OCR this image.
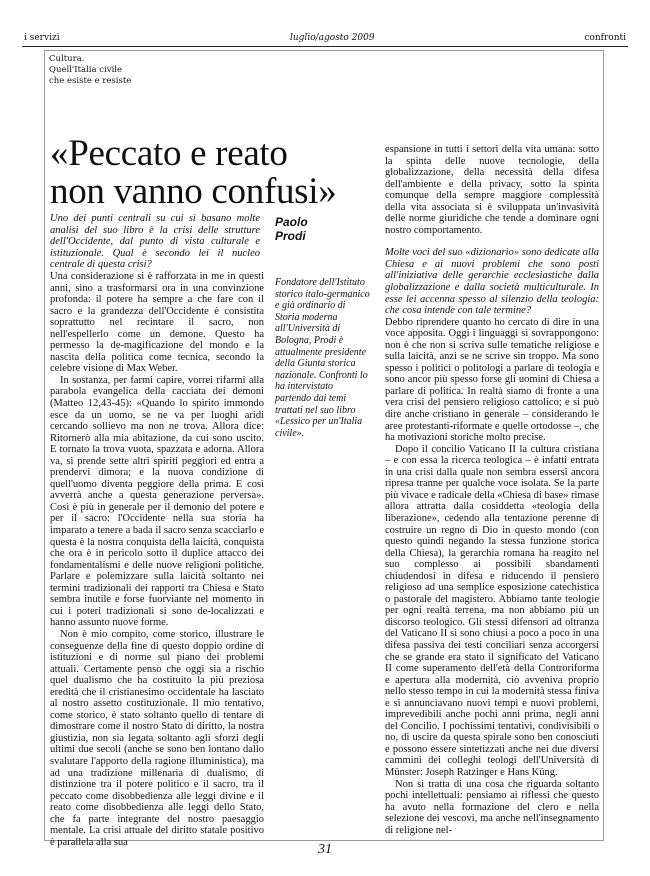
i servizi	luglio/agosto 2009	confronti
Cultura.
Quell'Italia civile
che esiste e resiste
«Peccato e reato
non vanno confusi»

Uno dei punti centrali su cui si basano molte analisi del suo libro è la crisi delle strutture dell'Occidente, dal punto di vista culturale e istituzionale. Qual è secondo lei il nucleo centrale di questa crisi?

Paolo
Prodi
Fondatore dell'Istituto storico italo-germanico e già ordinario di Storia moderna all'Università di Bologna, Prodi è attualmente presidente della Giunta storica nazionale. Confronti lo ha intervistato partendo dai temi trattati nel suo libro «Lessico per un'Italia civile».

Una considerazione si è rafforzata in me in questi anni, sino a trasformarsi ora in una convinzione profonda: il potere ha sempre a che fare con il sacro e la grandezza dell'Occidente è consistita soprattutto nel recintare il sacro, non nell'espellerlo come un demone. Questo ha permesso la de-magificazione del mondo e la nascita della politica come tecnica, secondo la celebre visione di Max Weber.

In sostanza, per farmi capire, vorrei rifarmi alla parabola evangelica della cacciata dei demoni (Matteo 12,43-45): «Quando lo spirito immondo esce da un uomo, se ne va per luoghi aridi cercando sollievo ma non ne trova. Allora dice: Ritornerò alla mia abitazione, da cui sono uscito. E tornato la trova vuota, spazzata e adorna. Allora va, si prende sette altri spiriti peggiori ed entra a prendervi dimora; e la nuova condizione di quell'uomo diventa peggiore della prima. E così avverrà anche a questa generazione perversa». Così è più in generale per il demonio del potere e per il sacro: l'Occidente nella sua storia ha imparato a tenere a bada il sacro senza scacciarlo e questa è la nostra conquista della laicità, conquista che ora è in pericolo sotto il duplice attacco dei fondamentalismi e delle nuove religioni politiche. Parlare e polemizzare sulla laicità soltanto nei termini tradizionali dei rapporti tra Chiesa e Stato sembra inutile e forse fuorviante nel momento in cui i poteri tradizionali si sono de-localizzati e hanno assunto nuove forme.

Non è mio compito, come storico, illustrare le conseguenze della fine di questo doppio ordine di istituzioni e di norme sul piano dei problemi attuali. Certamente penso che oggi sia a rischio quel dualismo che ha costituito la più preziosa eredità che il cristianesimo occidentale ha lasciato al nostro assetto costituzionale. Il mio tentativo, come storico, è stato soltanto quello di tentare di dimostrare come il nostro Stato di diritto, la nostra giustizia, non sia legata soltanto agli sforzi degli ultimi due secoli (anche se sono ben lontano dallo svalutare l'apporto della ragione illuministica), ma ad una tradizione millenaria di dualismo, di distinzione tra il potere politico e il sacro, tra il peccato come disobbedienza alle leggi divine e il reato come disobbedienza alle leggi dello Stato, che fa parte integrante del nostro paesaggio mentale. La crisi attuale del diritto statale positivo è parallela alla sua

espansione in tutti i settori della vita umana: sotto la spinta delle nuove tecnologie, della globalizzazione, della necessità della difesa dell'ambiente e della privacy, sotto la spinta comunque della sempre maggiore complessità della vita associata si è sviluppata un'invasività delle norme giuridiche che tende a dominare ogni nostro comportamento.

Molte voci del suo «dizionario» sono dedicate alla Chiesa e ai nuovi problemi che sono posti all'iniziativa delle gerarchie ecclesiastiche dalla globalizzazione e dalla società multiculturale. In esse lei accenna spesso al silenzio della teologia: che cosa intende con tale termine?

Debbo riprendere quanto ho cercato di dire in una voce apposita. Oggi i linguaggi si sovrappongono: non è che non si scriva sulle tematiche religiose e sulla laicità, anzi se ne scrive sin troppo. Ma sono spesso i politici o politologi a parlare di teologia e sono ancor più spesso forse gli uomini di Chiesa a parlare di politica. In realtà siamo di fronte a una vera crisi del pensiero religioso cattolico; e si può dire anche cristiano in generale – considerando le aree protestanti-riformate e quelle ortodosse –, che ha motivazioni storiche molto precise.

Dopo il concilio Vaticano II la cultura cristiana – e con essa la ricerca teologica – è infatti entrata in una crisi dalla quale non sembra essersi ancora ripresa tranne per qualche voce isolata. Se la parte più vivace e radicale della «Chiesa di base» rimase allora attratta dalla cosiddetta «teologia della liberazione», cedendo alla tentazione perenne di costruire un regno di Dio in questo mondo (con questo quindi negando la stessa funzione storica della Chiesa), la gerarchia romana ha reagito nel suo complesso ai possibili sbandamenti chiudendosi in difesa e riducendo il pensiero religioso ad una semplice esposizione catechistica o pastorale del magistero. Abbiamo tante teologie per ogni realtà terrena, ma non abbiamo più un discorso teologico. Gli stessi difensori ad oltranza del Vaticano II si sono chiusi a poco a poco in una difesa passiva dei testi conciliari senza accorgersi che se grande era stato il significato del Vaticano II come superamento dell'età della Controriforma e apertura alla modernità, ciò avveniva proprio nello stesso tempo in cui la modernità stessa finiva e si annunciavano nuovi tempi e nuovi problemi, imprevedibili anche pochi anni prima, negli anni del Concilio. I pochissimi tentativi, condivisibili o no, di uscire da questa spirale sono ben conosciuti e possono essere sintetizzati anche nei due diversi cammini dei colleghi teologi dell'Università di Münster: Joseph Ratzinger e Hans Küng.

Non si tratta di una cosa che riguarda soltanto pochi intellettuali: pensiamo ai riflessi che questo ha avuto nella formazione del clero e nella selezione dei vescovi, ma anche nell'insegnamento di religione nel-

31
